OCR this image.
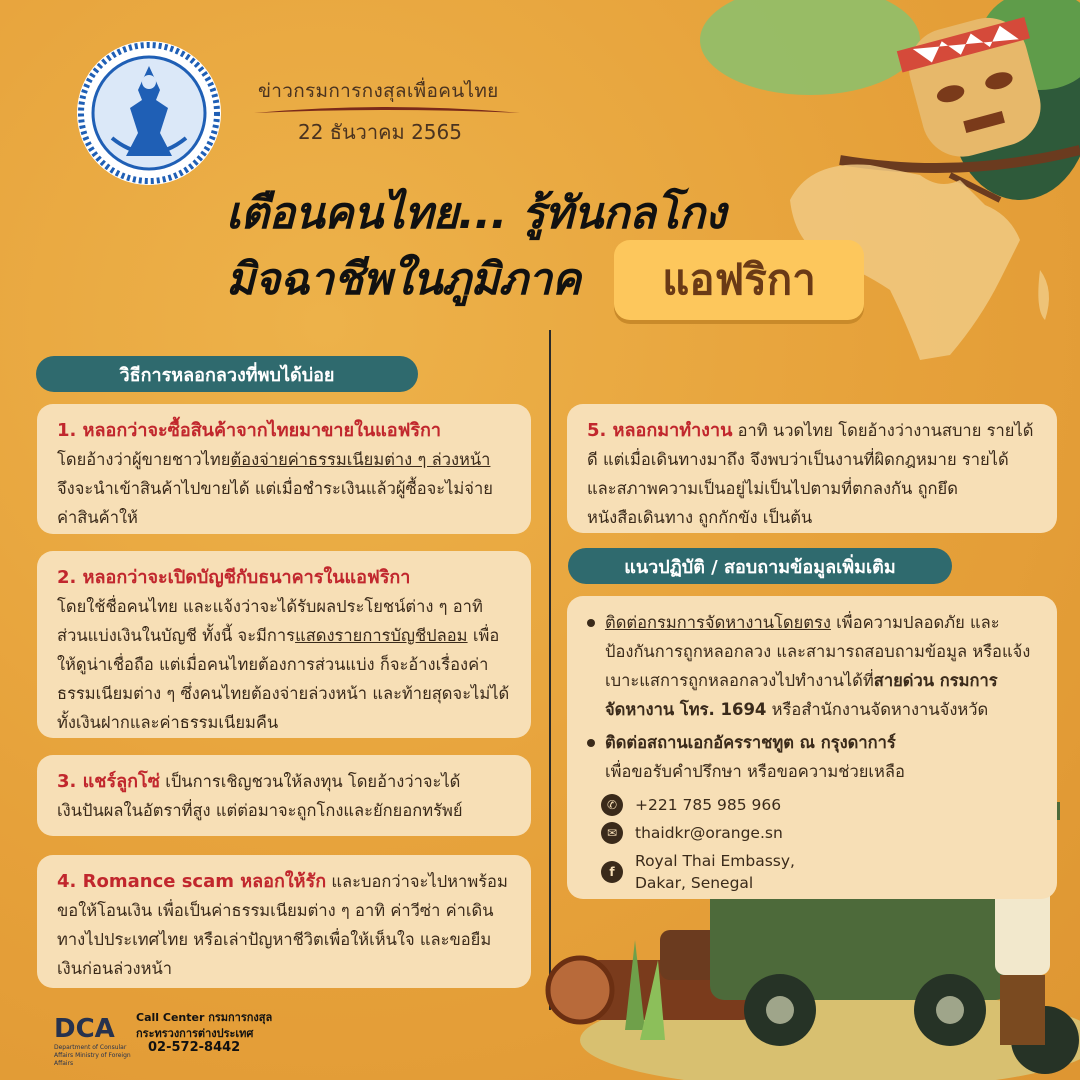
ข่าวกรมการกงสุลเพื่อคนไทย
22 ธันวาคม 2565
เตือนคนไทย... รู้ทันกลโกง
มิจฉาชีพในภูมิภาค	แอฟริกา
วิธีการหลอกลวงที่พบได้บ่อย
1. หลอกว่าจะซื้อสินค้าจากไทยมาขายในแอฟริกา
โดยอ้างว่าผู้ขายชาวไทยต้องจ่ายค่าธรรมเนียมต่าง ๆ ล่วงหน้า จึงจะนำเข้าสินค้าไปขายได้ แต่เมื่อชำระเงินแล้วผู้ซื้อจะไม่จ่ายค่าสินค้าให้
2. หลอกว่าจะเปิดบัญชีกับธนาคารในแอฟริกา
โดยใช้ชื่อคนไทย และแจ้งว่าจะได้รับผลประโยชน์ต่าง ๆ อาทิ ส่วนแบ่งเงินในบัญชี ทั้งนี้ จะมีการแสดงรายการบัญชีปลอม เพื่อให้ดูน่าเชื่อถือ แต่เมื่อคนไทยต้องการส่วนแบ่ง ก็จะอ้างเรื่องค่าธรรมเนียมต่าง ๆ ซึ่งคนไทยต้องจ่ายล่วงหน้า และท้ายสุดจะไม่ได้ทั้งเงินฝากและค่าธรรมเนียมคืน
3. แชร์ลูกโซ่ เป็นการเชิญชวนให้ลงทุน โดยอ้างว่าจะได้เงินปันผลในอัตราที่สูง แต่ต่อมาจะถูกโกงและยักยอกทรัพย์
4. Romance scam หลอกให้รัก และบอกว่าจะไปหาพร้อมขอให้โอนเงิน เพื่อเป็นค่าธรรมเนียมต่าง ๆ อาทิ ค่าวีซ่า ค่าเดินทางไปประเทศไทย หรือเล่าปัญหาชีวิตเพื่อให้เห็นใจ และขอยืมเงินก่อนล่วงหน้า
5. หลอกมาทำงาน อาทิ นวดไทย โดยอ้างว่างานสบาย รายได้ดี แต่เมื่อเดินทางมาถึง จึงพบว่าเป็นงานที่ผิดกฎหมาย รายได้และสภาพความเป็นอยู่ไม่เป็นไปตามที่ตกลงกัน ถูกยึดหนังสือเดินทาง ถูกกักขัง เป็นต้น
แนวปฏิบัติ / สอบถามข้อมูลเพิ่มเติม
ติดต่อกรมการจัดหางานโดยตรง เพื่อความปลอดภัย และป้องกันการถูกหลอกลวง และสามารถสอบถามข้อมูล หรือแจ้งเบาะแสการถูกหลอกลวงไปทำงานได้ที่สายด่วน กรมการจัดหางาน โทร. 1694 หรือสำนักงานจัดหางานจังหวัด
ติดต่อสถานเอกอัครราชทูต ณ กรุงดาการ์
เพื่อขอรับคำปรึกษา หรือขอความช่วยเหลือ
✆	+221 785 985 966
✉	thaidkr@orange.sn
f
Royal Thai Embassy,
Dakar, Senegal
DCA
Department of Consular Affairs Ministry of Foreign Affairs
Call Center กรมการกงสุล
กระทรวงการต่างประเทศ
02-572-8442
